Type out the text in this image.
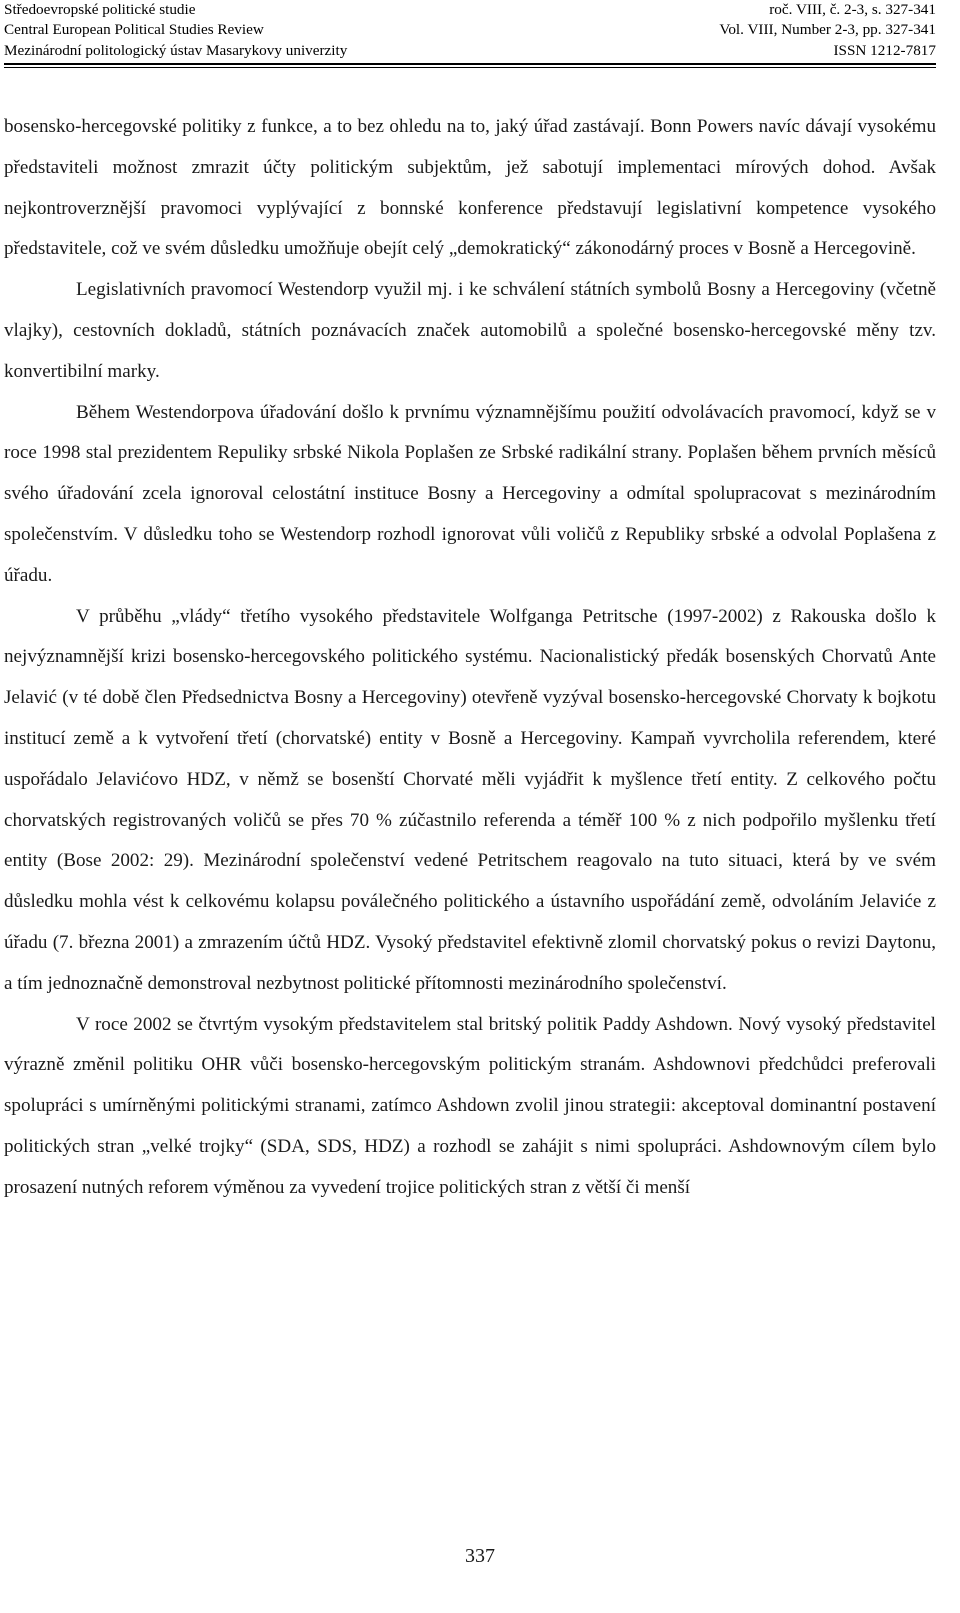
Středoevropské politické studie	roč. VIII, č. 2-3, s. 327-341
Central European Political Studies Review	Vol. VIII, Number 2-3, pp. 327-341
Mezinárodní politologický ústav Masarykovy univerzity	ISSN 1212-7817

bosensko-hercegovské politiky z funkce, a to bez ohledu na to, jaký úřad zastávají. Bonn Powers navíc dávají vysokému představiteli možnost zmrazit účty politickým subjektům, jež sabotují implementaci mírových dohod. Avšak nejkontroverznější pravomoci vyplývající z bonnské konference představují legislativní kompetence vysokého představitele, což ve svém důsledku umožňuje obejít celý „demokratický“ zákonodárný proces v Bosně a Hercegovině.

Legislativních pravomocí Westendorp využil mj. i ke schválení státních symbolů Bosny a Hercegoviny (včetně vlajky), cestovních dokladů, státních poznávacích značek automobilů a společné bosensko-hercegovské měny tzv. konvertibilní marky.

Během Westendorpova úřadování došlo k prvnímu významnějšímu použití odvolávacích pravomocí, když se v roce 1998 stal prezidentem Repuliky srbské Nikola Poplašen ze Srbské radikální strany. Poplašen během prvních měsíců svého úřadování zcela ignoroval celostátní instituce Bosny a Hercegoviny a odmítal spolupracovat s mezinárodním společenstvím. V důsledku toho se Westendorp rozhodl ignorovat vůli voličů z Republiky srbské a odvolal Poplašena z úřadu.

V průběhu „vlády“ třetího vysokého představitele Wolfganga Petritsche (1997-2002) z Rakouska došlo k nejvýznamnější krizi bosensko-hercegovského politického systému. Nacionalistický předák bosenských Chorvatů Ante Jelavić (v té době člen Předsednictva Bosny a Hercegoviny) otevřeně vyzýval bosensko-hercegovské Chorvaty k bojkotu institucí země a k vytvoření třetí (chorvatské) entity v Bosně a Hercegoviny. Kampaň vyvrcholila referendem, které uspořádalo Jelavićovo HDZ, v němž se bosenští Chorvaté měli vyjádřit k myšlence třetí entity. Z celkového počtu chorvatských registrovaných voličů se přes 70 % zúčastnilo referenda a téměř 100 % z nich podpořilo myšlenku třetí entity (Bose 2002: 29). Mezinárodní společenství vedené Petritschem reagovalo na tuto situaci, která by ve svém důsledku mohla vést k celkovému kolapsu poválečného politického a ústavního uspořádání země, odvoláním Jelaviće z úřadu (7. března 2001) a zmrazením účtů HDZ. Vysoký představitel efektivně zlomil chorvatský pokus o revizi Daytonu, a tím jednoznačně demonstroval nezbytnost politické přítomnosti mezinárodního společenství.

V roce 2002 se čtvrtým vysokým představitelem stal britský politik Paddy Ashdown. Nový vysoký představitel výrazně změnil politiku OHR vůči bosensko-hercegovským politickým stranám. Ashdownovi předchůdci preferovali spolupráci s umírněnými politickými stranami, zatímco Ashdown zvolil jinou strategii: akceptoval dominantní postavení politických stran „velké trojky“ (SDA, SDS, HDZ) a rozhodl se zahájit s nimi spolupráci. Ashdownovým cílem bylo prosazení nutných reforem výměnou za vyvedení trojice politických stran z větší či menší

337
